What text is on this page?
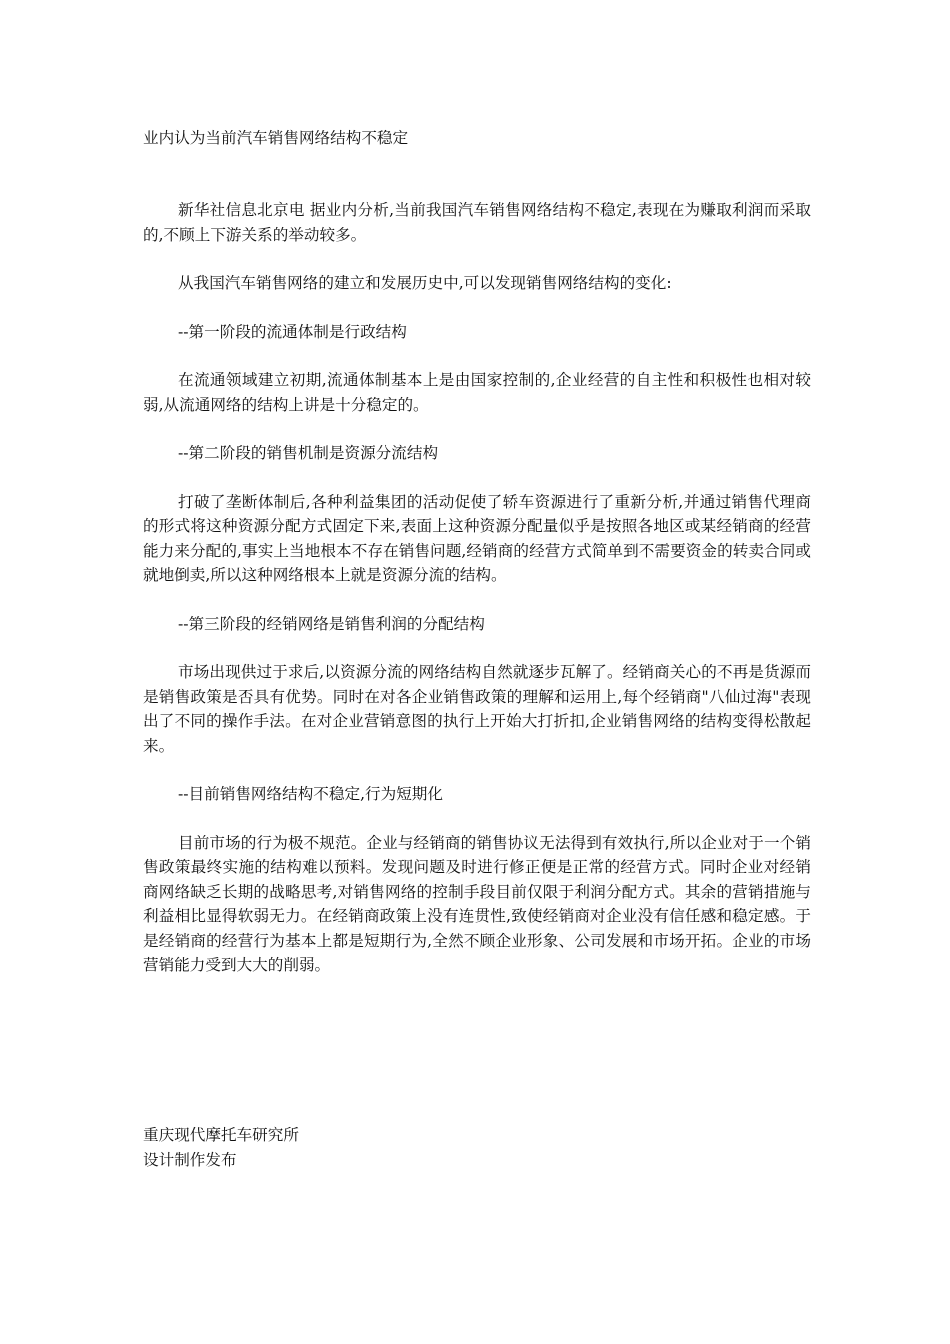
业内认为当前汽车销售网络结构不稳定

新华社信息北京电 据业内分析,当前我国汽车销售网络结构不稳定,表现在为赚取利润而采取的,不顾上下游关系的举动较多。

从我国汽车销售网络的建立和发展历史中,可以发现销售网络结构的变化:

--第一阶段的流通体制是行政结构

在流通领域建立初期,流通体制基本上是由国家控制的,企业经营的自主性和积极性也相对较弱,从流通网络的结构上讲是十分稳定的。

--第二阶段的销售机制是资源分流结构

打破了垄断体制后,各种利益集团的活动促使了轿车资源进行了重新分析,并通过销售代理商的形式将这种资源分配方式固定下来,表面上这种资源分配量似乎是按照各地区或某经销商的经营能力来分配的,事实上当地根本不存在销售问题,经销商的经营方式简单到不需要资金的转卖合同或就地倒卖,所以这种网络根本上就是资源分流的结构。

--第三阶段的经销网络是销售利润的分配结构

市场出现供过于求后,以资源分流的网络结构自然就逐步瓦解了。经销商关心的不再是货源而是销售政策是否具有优势。同时在对各企业销售政策的理解和运用上,每个经销商"八仙过海"表现出了不同的操作手法。在对企业营销意图的执行上开始大打折扣,企业销售网络的结构变得松散起来。

--目前销售网络结构不稳定,行为短期化

目前市场的行为极不规范。企业与经销商的销售协议无法得到有效执行,所以企业对于一个销售政策最终实施的结构难以预料。发现问题及时进行修正便是正常的经营方式。同时企业对经销商网络缺乏长期的战略思考,对销售网络的控制手段目前仅限于利润分配方式。其余的营销措施与利益相比显得软弱无力。在经销商政策上没有连贯性,致使经销商对企业没有信任感和稳定感。于是经销商的经营行为基本上都是短期行为,全然不顾企业形象、公司发展和市场开拓。企业的市场营销能力受到大大的削弱。

重庆现代摩托车研究所
设计制作发布
